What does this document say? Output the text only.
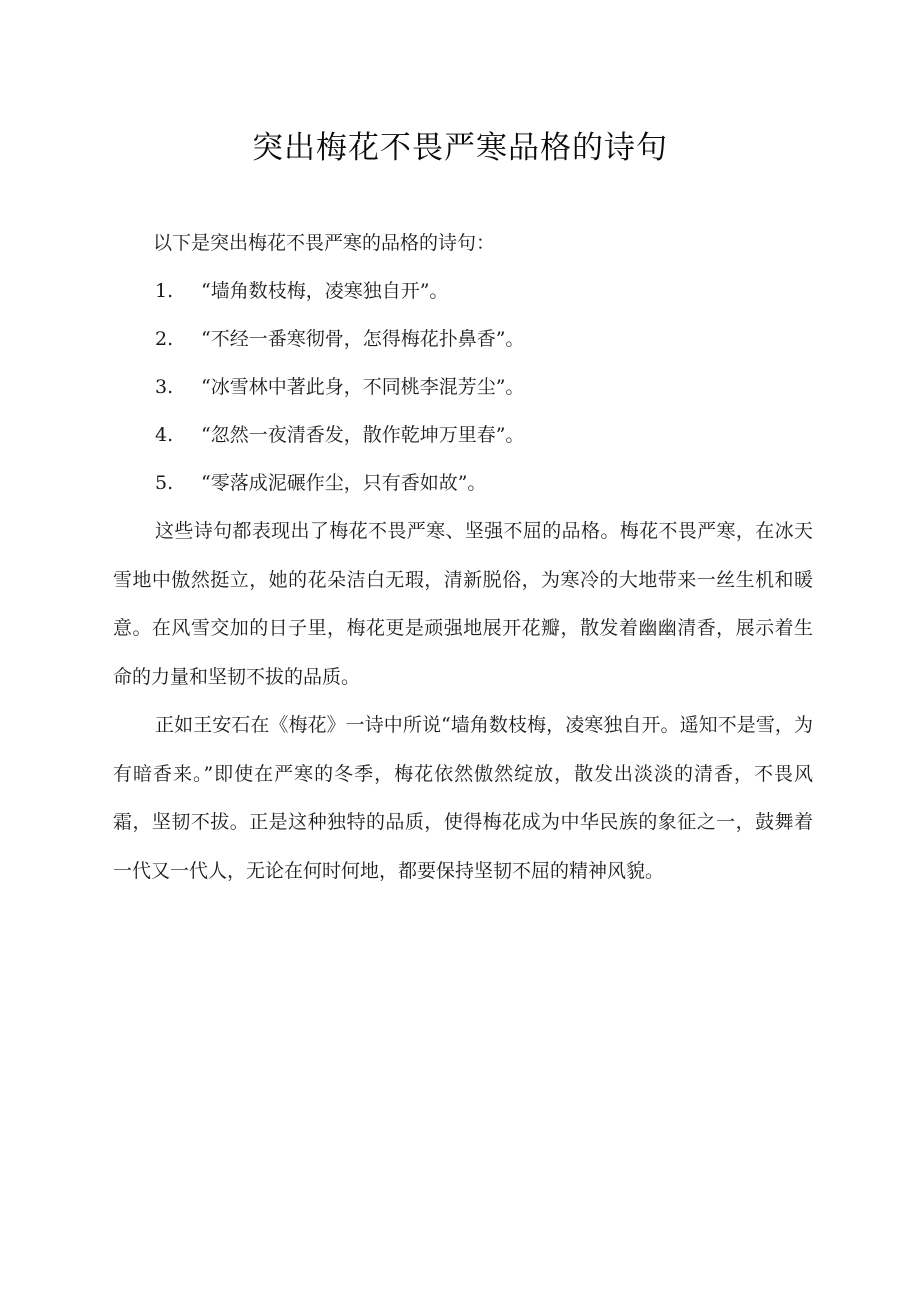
突出梅花不畏严寒品格的诗句

以下是突出梅花不畏严寒的品格的诗句：

1. “墙角数枝梅，凌寒独自开”。
2. “不经一番寒彻骨，怎得梅花扑鼻香”。
3. “冰雪林中著此身，不同桃李混芳尘”。
4. “忽然一夜清香发，散作乾坤万里春”。
5. “零落成泥碾作尘，只有香如故”。

这些诗句都表现出了梅花不畏严寒、坚强不屈的品格。梅花不畏严寒，在冰天雪地中傲然挺立，她的花朵洁白无瑕，清新脱俗，为寒冷的大地带来一丝生机和暖意。在风雪交加的日子里，梅花更是顽强地展开花瓣，散发着幽幽清香，展示着生命的力量和坚韧不拔的品质。

正如王安石在《梅花》一诗中所说“墙角数枝梅，凌寒独自开。遥知不是雪，为有暗香来。”即使在严寒的冬季，梅花依然傲然绽放，散发出淡淡的清香，不畏风霜，坚韧不拔。正是这种独特的品质，使得梅花成为中华民族的象征之一，鼓舞着一代又一代人，无论在何时何地，都要保持坚韧不屈的精神风貌。
